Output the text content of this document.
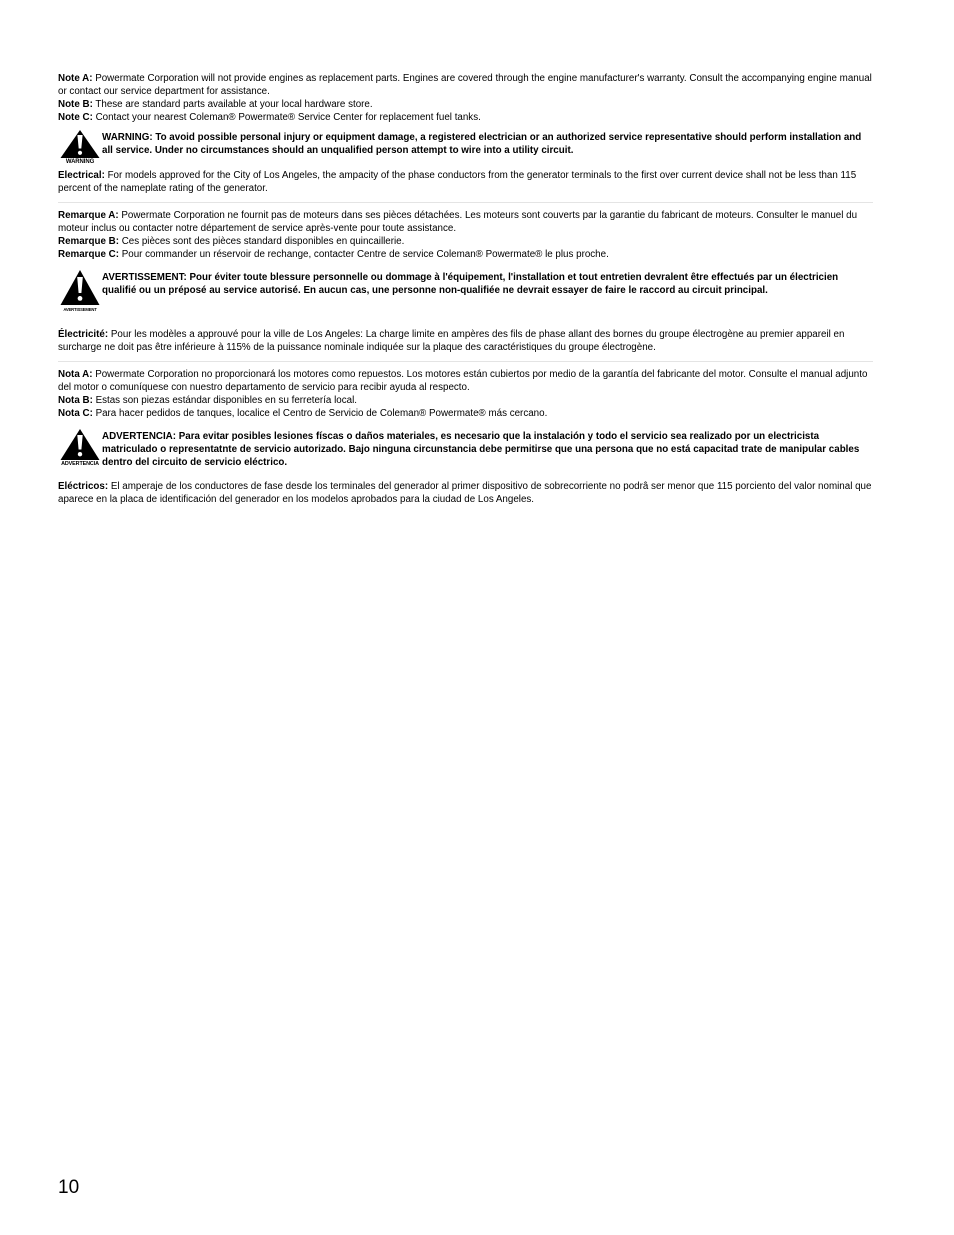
Note A: Powermate Corporation will not provide engines as replacement parts. Engines are covered through the engine manufacturer's warranty. Consult the accompanying engine manual or contact our service department for assistance.

Note B: These are standard parts available at your local hardware store.

Note C: Contact your nearest Coleman® Powermate® Service Center for replacement fuel tanks.

WARNING
WARNING: To avoid possible personal injury or equipment damage, a registered electrician or an authorized service representative should perform installation and all service. Under no circumstances should an unqualified person attempt to wire into a utility circuit.

Electrical: For models approved for the City of Los Angeles, the ampacity of the phase conductors from the generator terminals to the first over current device shall not be less than 115 percent of the nameplate rating of the generator.

Remarque A: Powermate Corporation ne fournit pas de moteurs dans ses pièces détachées. Les moteurs sont couverts par la garantie du fabricant de moteurs. Consulter le manuel du moteur inclus ou contacter notre département de service après-vente pour toute assistance.

Remarque B: Ces pièces sont des pièces standard disponibles en quincaillerie.

Remarque C: Pour commander un réservoir de rechange, contacter Centre de service Coleman® Powermate® le plus proche.

AVERTISSEMENT
AVERTISSEMENT: Pour éviter toute blessure personnelle ou dommage à l'équipement, l'installation et tout entretien devralent être effectués par un électricien qualifié ou un préposé au service autorisé. En aucun cas, une personne non-qualifiée ne devrait essayer de faire le raccord au circuit principal.

Électricité: Pour les modèles a approuvé pour la ville de Los Angeles: La charge limite en ampères des fils de phase allant des bornes du groupe électrogène au premier appareil en surcharge ne doit pas être inférieure à 115% de la puissance nominale indiquée sur la plaque des caractéristiques du groupe électrogène.

Nota A: Powermate Corporation no proporcionará los motores como repuestos. Los motores están cubiertos por medio de la garantía del fabricante del motor. Consulte el manual adjunto del motor o comuníquese con nuestro departamento de servicio para recibir ayuda al respecto.

Nota B: Estas son piezas estándar disponibles en su ferretería local.

Nota C: Para hacer pedidos de tanques, localice el Centro de Servicio de Coleman® Powermate® más cercano.

ADVERTENCIA
ADVERTENCIA: Para evitar posibles lesiones físcas o daños materiales, es necesario que la instalación y todo el servicio sea realizado por un electricista matriculado o representatnte de servicio autorizado. Bajo ninguna circunstancia debe permitirse que una persona que no está capacitad trate de manipular cables dentro del circuito de servicio eléctrico.

Eléctricos: El amperaje de los conductores de fase desde los terminales del generador al primer dispositivo de sobrecorriente no podrâ ser menor que 115 porciento del valor nominal que aparece en la placa de identificación del generador en los modelos aprobados para la ciudad de Los Angeles.

10
